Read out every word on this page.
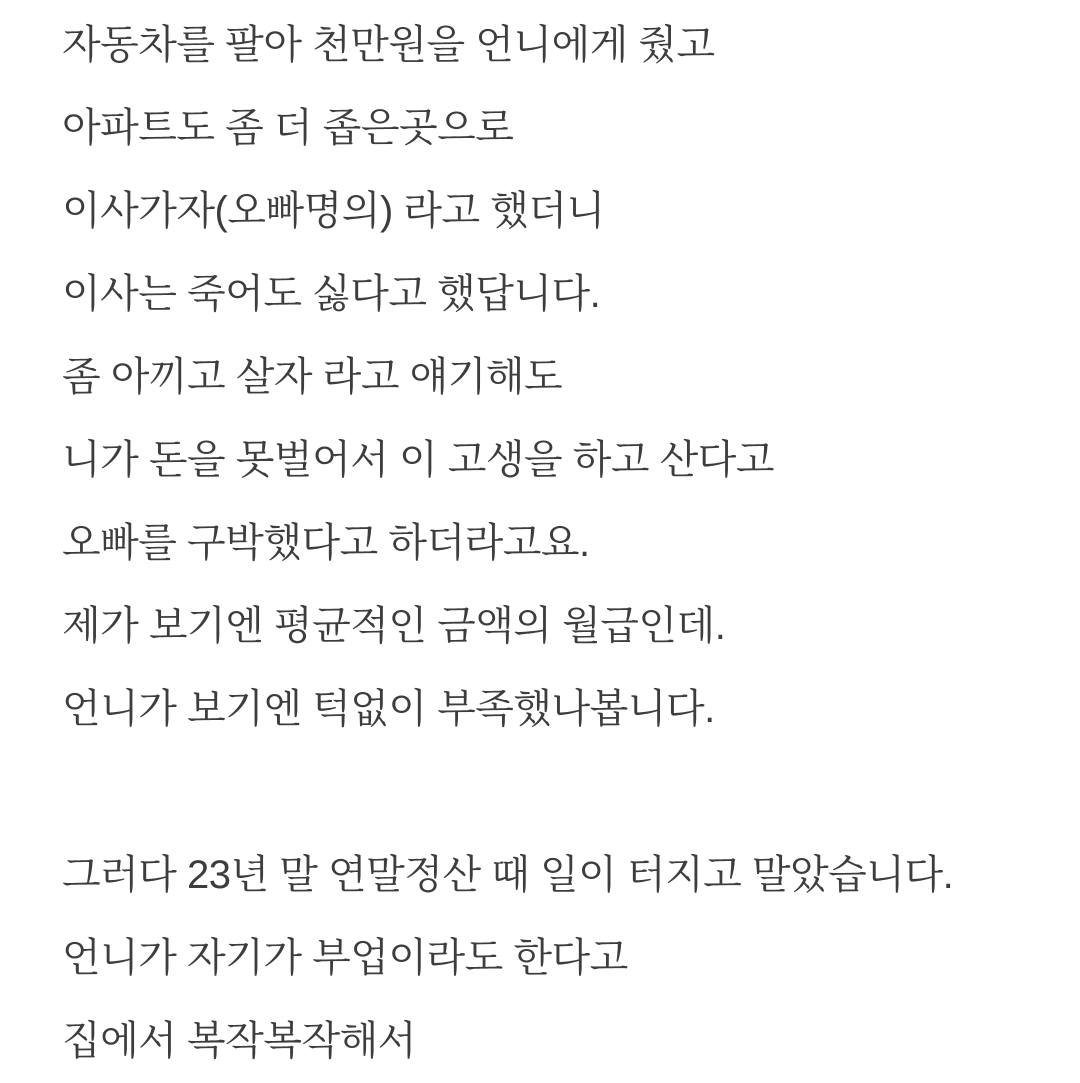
자동차를 팔아 천만원을 언니에게 줬고

아파트도 좀 더 좁은곳으로

이사가자(오빠명의) 라고 했더니

이사는 죽어도 싫다고 했답니다.

좀 아끼고 살자 라고 얘기해도

니가 돈을 못벌어서 이 고생을 하고 산다고

오빠를 구박했다고 하더라고요.

제가 보기엔 평균적인 금액의 월급인데.

언니가 보기엔 턱없이 부족했나봅니다.

그러다 23년 말 연말정산 때 일이 터지고 말았습니다.

언니가 자기가 부업이라도 한다고

집에서 복작복작해서
